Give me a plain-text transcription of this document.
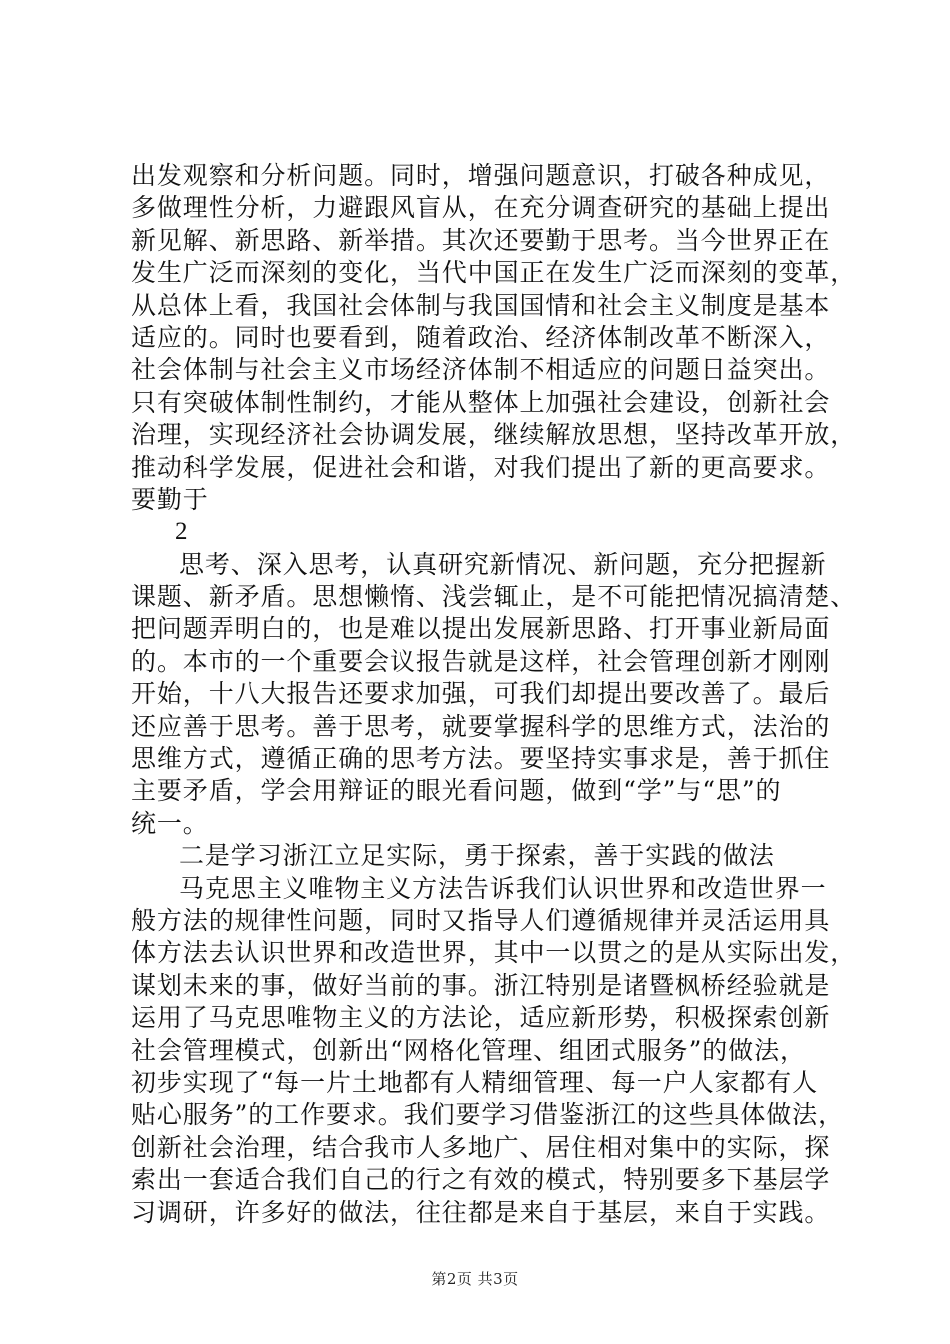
出发观察和分析问题。同时，增强问题意识，打破各种成见，
多做理性分析，力避跟风盲从，在充分调查研究的基础上提出
新见解、新思路、新举措。其次还要勤于思考。当今世界正在
发生广泛而深刻的变化，当代中国正在发生广泛而深刻的变革，
从总体上看，我国社会体制与我国国情和社会主义制度是基本
适应的。同时也要看到，随着政治、经济体制改革不断深入，
社会体制与社会主义市场经济体制不相适应的问题日益突出。
只有突破体制性制约，才能从整体上加强社会建设，创新社会
治理，实现经济社会协调发展，继续解放思想，坚持改革开放，
推动科学发展，促进社会和谐，对我们提出了新的更高要求。
要勤于
2
思考、深入思考，认真研究新情况、新问题，充分把握新
课题、新矛盾。思想懒惰、浅尝辄止，是不可能把情况搞清楚、
把问题弄明白的，也是难以提出发展新思路、打开事业新局面
的。本市的一个重要会议报告就是这样，社会管理创新才刚刚
开始，十八大报告还要求加强，可我们却提出要改善了。最后
还应善于思考。善于思考，就要掌握科学的思维方式，法治的
思维方式，遵循正确的思考方法。要坚持实事求是，善于抓住
主要矛盾，学会用辩证的眼光看问题，做到“学”与“思”的
统一。
二是学习浙江立足实际，勇于探索，善于实践的做法
马克思主义唯物主义方法告诉我们认识世界和改造世界一
般方法的规律性问题，同时又指导人们遵循规律并灵活运用具
体方法去认识世界和改造世界，其中一以贯之的是从实际出发，
谋划未来的事，做好当前的事。浙江特别是诸暨枫桥经验就是
运用了马克思唯物主义的方法论，适应新形势，积极探索创新
社会管理模式，创新出“网格化管理、组团式服务”的做法，
初步实现了“每一片土地都有人精细管理、每一户人家都有人
贴心服务”的工作要求。我们要学习借鉴浙江的这些具体做法，
创新社会治理，结合我市人多地广、居住相对集中的实际，探
索出一套适合我们自己的行之有效的模式，特别要多下基层学
习调研，许多好的做法，往往都是来自于基层，来自于实践。
第2页 共3页
